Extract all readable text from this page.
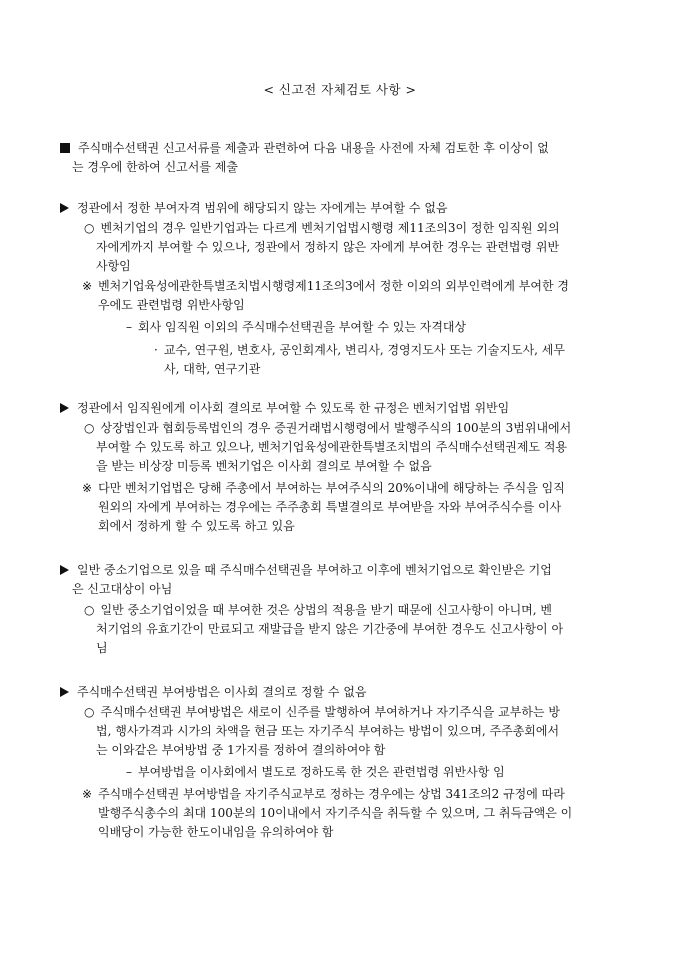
< 신고전 자체검토 사항 >
주식매수선택권 신고서류를 제출과 관련하여 다음 내용을 사전에 자체 검토한 후 이상이 없
는 경우에 한하여 신고서를 제출
정관에서 정한 부여자격 범위에 해당되지 않는 자에게는 부여할 수 없음
○ 벤처기업의 경우 일반기업과는 다르게 벤처기업법시행령 제11조의3이 정한 임직원 외의
자에게까지 부여할 수 있으나, 정관에서 정하지 않은 자에게 부여한 경우는 관련법령 위반
사항임
※ 벤처기업육성에관한특별조치법시행령제11조의3에서 정한 이외의 외부인력에게 부여한 경
우에도 관련법령 위반사항임
– 회사 임직원 이외의 주식매수선택권을 부여할 수 있는 자격대상
· 교수, 연구원, 변호사, 공인회계사, 변리사, 경영지도사 또는 기술지도사, 세무
사, 대학, 연구기관
정관에서 임직원에게 이사회 결의로 부여할 수 있도록 한 규정은 벤처기업법 위반임
○ 상장법인과 협회등록법인의 경우 증권거래법시행령에서 발행주식의 100분의 3범위내에서
부여할 수 있도록 하고 있으나, 벤처기업육성에관한특별조치법의 주식매수선택권제도 적용
을 받는 비상장 미등록 벤처기업은 이사회 결의로 부여할 수 없음
※ 다만 벤처기업법은 당해 주총에서 부여하는 부여주식의 20%이내에 해당하는 주식을 임직
원외의 자에게 부여하는 경우에는 주주총회 특별결의로 부여받을 자와 부여주식수를 이사
회에서 정하게 할 수 있도록 하고 있음
일반 중소기업으로 있을 때 주식매수선택권을 부여하고 이후에 벤처기업으로 확인받은 기업
은 신고대상이 아님
○ 일반 중소기업이었을 때 부여한 것은 상법의 적용을 받기 때문에 신고사항이 아니며, 벤
처기업의 유효기간이 만료되고 재발급을 받지 않은 기간중에 부여한 경우도 신고사항이 아
님
주식매수선택권 부여방법은 이사회 결의로 정할 수 없음
○ 주식매수선택권 부여방법은 새로이 신주를 발행하여 부여하거나 자기주식을 교부하는 방
법, 행사가격과 시가의 차액을 현금 또는 자기주식 부여하는 방법이 있으며, 주주총회에서
는 이와같은 부여방법 중 1가지를 정하여 결의하여야 함
– 부여방법을 이사회에서 별도로 정하도록 한 것은 관련법령 위반사항 임
※ 주식매수선택권 부여방법을 자기주식교부로 정하는 경우에는 상법 341조의2 규정에 따라
발행주식총수의 최대 100분의 10이내에서 자기주식을 취득할 수 있으며, 그 취득금액은 이
익배당이 가능한 한도이내임을 유의하여야 함
